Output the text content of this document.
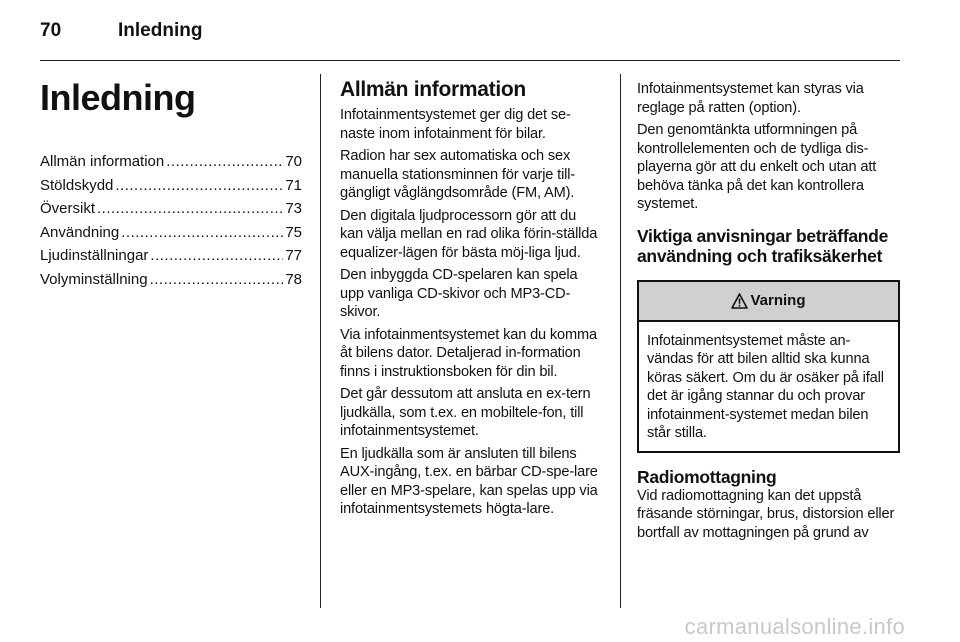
70	Inledning
Inledning
Allmän information .....	70
Stöldskydd .....	71
Översikt .....	73
Användning .....	75
Ljudinställningar .....	77
Volyminställning .....	78
Allmän information

Infotainmentsystemet ger dig det se-naste inom infotainment för bilar.

Radion har sex automatiska och sex manuella stationsminnen för varje till-gängligt våglängdsområde (FM, AM).

Den digitala ljudprocessorn gör att du kan välja mellan en rad olika förin-ställda equalizer-lägen för bästa möj-liga ljud.

Den inbyggda CD-spelaren kan spela upp vanliga CD-skivor och MP3-CD-skivor.

Via infotainmentsystemet kan du komma åt bilens dator. Detaljerad in-formation finns i instruktionsboken för din bil.

Det går dessutom att ansluta en ex-tern ljudkälla, som t.ex. en mobiltele-fon, till infotainmentsystemet.

En ljudkälla som är ansluten till bilens AUX-ingång, t.ex. en bärbar CD-spe-lare eller en MP3-spelare, kan spelas upp via infotainmentsystemets högta-lare.

Infotainmentsystemet kan styras via reglage på ratten (option).

Den genomtänkta utformningen på kontrollelementen och de tydliga dis-playerna gör att du enkelt och utan att behöva tänka på det kan kontrollera systemet.

Viktiga anvisningar beträffande användning och trafiksäkerhet
Varning
Infotainmentsystemet måste an-vändas för att bilen alltid ska kunna köras säkert. Om du är osäker på ifall det är igång stannar du och provar infotainment-systemet medan bilen står stilla.
Radiomottagning

Vid radiomottagning kan det uppstå fräsande störningar, brus, distorsion eller bortfall av mottagningen på grund av

carmanualsonline.info
